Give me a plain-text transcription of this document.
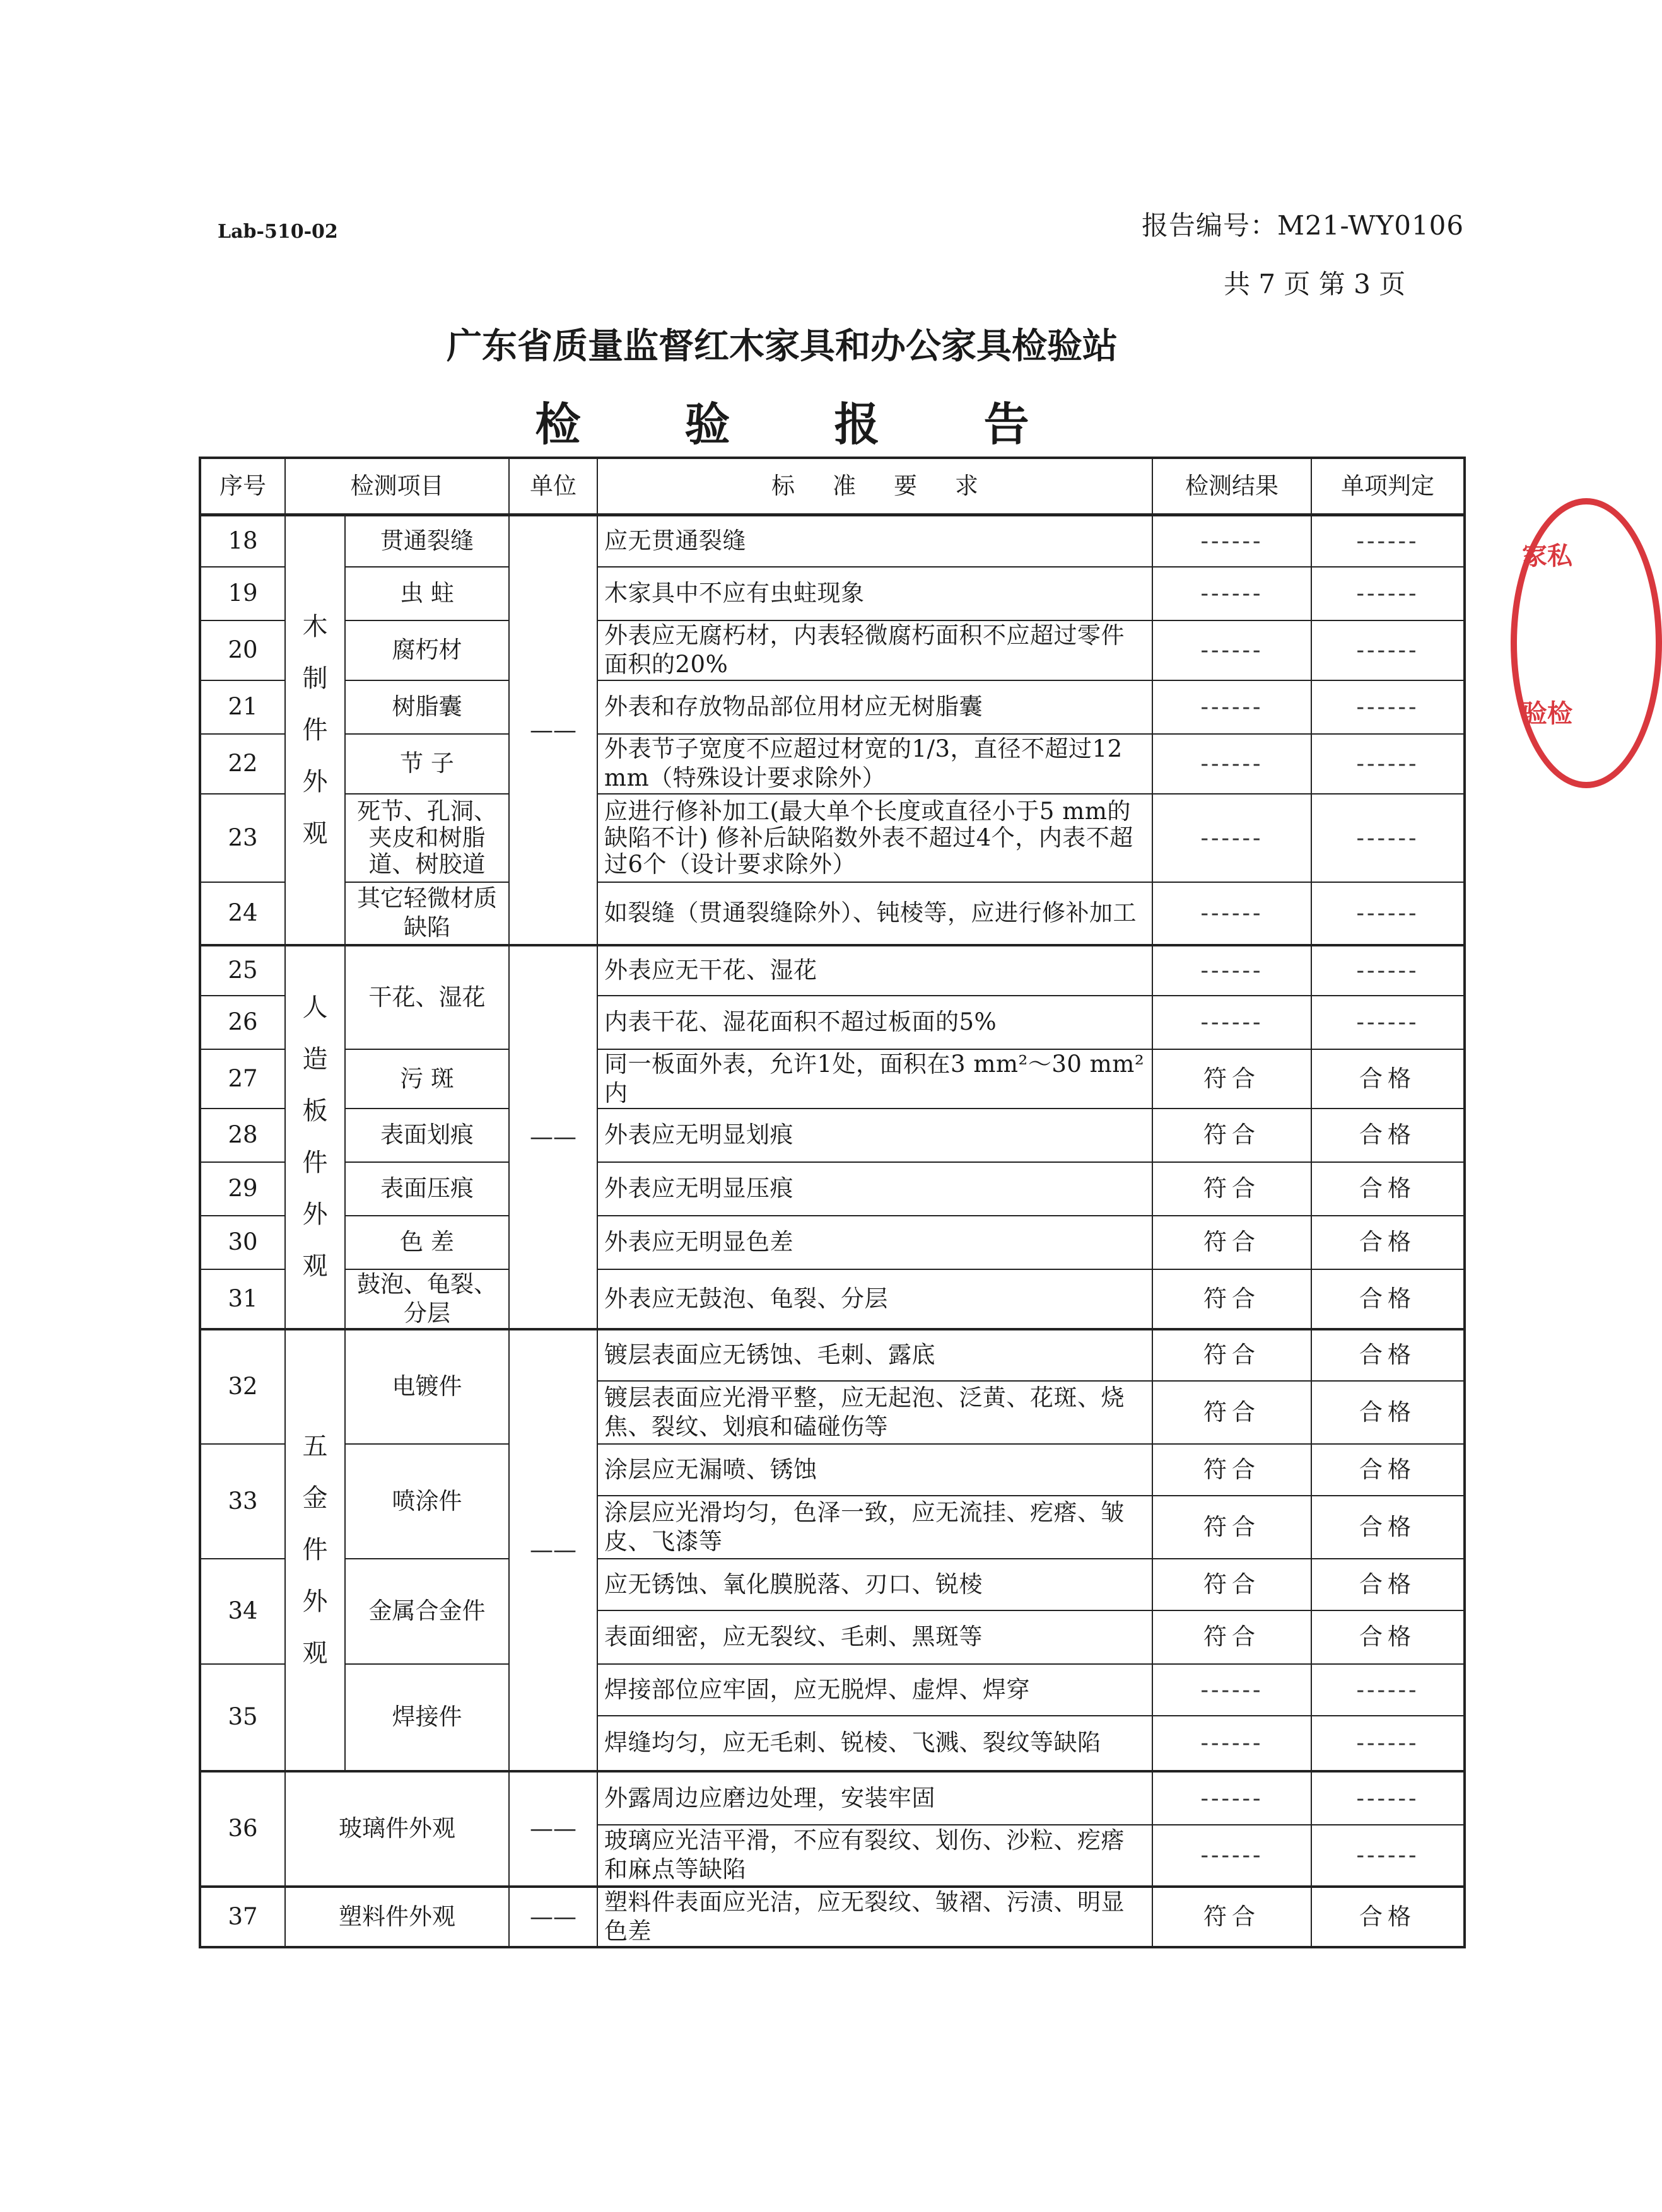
Lab-510-02	报告编号：M21-WY0106
共 7 页 第 3 页
广东省质量监督红木家具和办公家具检验站
检 验 报 告
家私
验检
序号	检测项目		单位	标准要求	检测结果	单项判定
18	木制件外观	贯通裂缝	——	应无贯通裂缝	------	------
19		虫 蛀		木家具中不应有虫蛀现象	------	------
20		腐朽材		外表应无腐朽材，内表轻微腐朽面积不应超过零件面积的20%	------	------
21		树脂囊		外表和存放物品部位用材应无树脂囊	------	------
22		节 子		外表节子宽度不应超过材宽的1/3，直径不超过12 mm（特殊设计要求除外）	------	------
23		死节、孔洞、夹皮和树脂道、树胶道		应进行修补加工(最大单个长度或直径小于5 mm的缺陷不计) 修补后缺陷数外表不超过4个，内表不超过6个（设计要求除外）	------	------
24		其它轻微材质缺陷		如裂缝（贯通裂缝除外）、钝棱等，应进行修补加工	------	------
25	人造板件外观	干花、湿花	——	外表应无干花、湿花	------	------
26				内表干花、湿花面积不超过板面的5%	------	------
27		污 斑		同一板面外表，允许1处，面积在3 mm²～30 mm²内	符合	合格
28		表面划痕		外表应无明显划痕	符合	合格
29		表面压痕		外表应无明显压痕	符合	合格
30		色 差		外表应无明显色差	符合	合格
31		鼓泡、龟裂、分层		外表应无鼓泡、龟裂、分层	符合	合格
32	五金件外观	电镀件	——	镀层表面应无锈蚀、毛刺、露底	符合	合格
				镀层表面应光滑平整，应无起泡、泛黄、花斑、烧焦、裂纹、划痕和磕碰伤等	符合	合格
33		喷涂件		涂层应无漏喷、锈蚀	符合	合格
				涂层应光滑均匀，色泽一致，应无流挂、疙瘩、皱皮、飞漆等	符合	合格
34		金属合金件		应无锈蚀、氧化膜脱落、刃口、锐棱	符合	合格
				表面细密，应无裂纹、毛刺、黑斑等	符合	合格
35		焊接件		焊接部位应牢固，应无脱焊、虚焊、焊穿	------	------
				焊缝均匀，应无毛刺、锐棱、飞溅、裂纹等缺陷	------	------
36	玻璃件外观		——	外露周边应磨边处理，安装牢固	------	------
				玻璃应光洁平滑，不应有裂纹、划伤、沙粒、疙瘩和麻点等缺陷	------	------
37	塑料件外观		——	塑料件表面应光洁，应无裂纹、皱褶、污渍、明显色差	符合	合格
